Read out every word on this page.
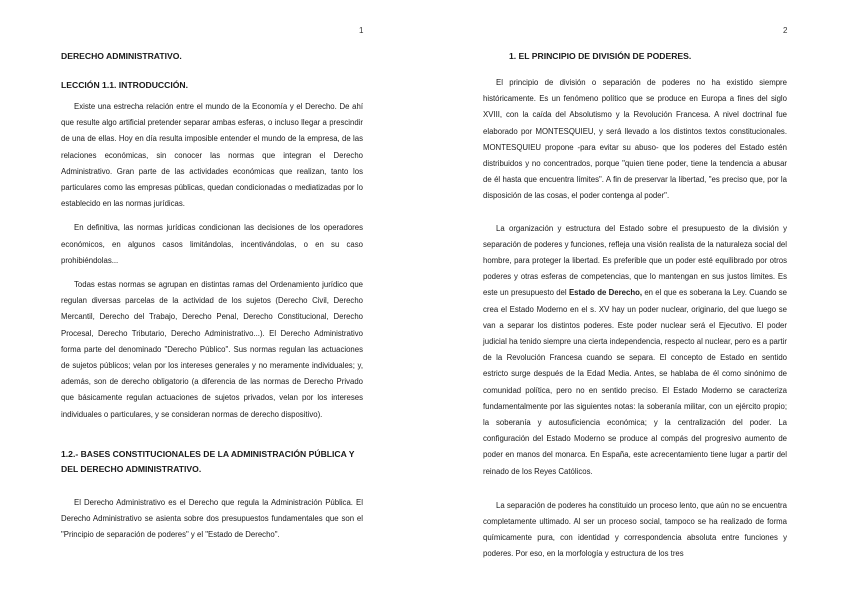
1

DERECHO ADMINISTRATIVO.

LECCIÓN 1.1. INTRODUCCIÓN.

Existe una estrecha relación entre el mundo de la Economía y el Derecho. De ahí que resulte algo artificial pretender separar ambas esferas, o incluso llegar a prescindir de una de ellas. Hoy en día resulta imposible entender el mundo de la empresa, de las relaciones económicas, sin conocer las normas que integran el Derecho Administrativo. Gran parte de las actividades económicas que realizan, tanto los particulares como las empresas públicas, quedan condicionadas o mediatizadas por lo establecido en las normas jurídicas.

En definitiva, las normas jurídicas condicionan las decisiones de los operadores económicos, en algunos casos limitándolas, incentivándolas, o en su caso prohibiéndolas...

Todas estas normas se agrupan en distintas ramas del Ordenamiento jurídico que regulan diversas parcelas de la actividad de los sujetos (Derecho Civil, Derecho Mercantil, Derecho del Trabajo, Derecho Penal, Derecho Constitucional, Derecho Procesal, Derecho Tributario, Derecho Administrativo...). El Derecho Administrativo forma parte del denominado "Derecho Público". Sus normas regulan las actuaciones de sujetos públicos; velan por los intereses generales y no meramente individuales; y, además, son de derecho obligatorio (a diferencia de las normas de Derecho Privado que básicamente regulan actuaciones de sujetos privados, velan por los intereses individuales o particulares, y se consideran normas de derecho dispositivo).

1.2.- BASES CONSTITUCIONALES DE LA ADMINISTRACIÓN PÚBLICA Y DEL DERECHO ADMINISTRATIVO.

El Derecho Administrativo es el Derecho que regula la Administración Pública. El Derecho Administrativo se asienta sobre dos presupuestos fundamentales que son el "Principio de separación de poderes" y el "Estado de Derecho".

2

1. EL PRINCIPIO DE DIVISIÓN DE PODERES.

El principio de división o separación de poderes no ha existido siempre históricamente. Es un fenómeno político que se produce en Europa a fines del siglo XVIII, con la caída del Absolutismo y la Revolución Francesa. A nivel doctrinal fue elaborado por MONTESQUIEU, y será llevado a los distintos textos constitucionales. MONTESQUIEU propone -para evitar su abuso- que los poderes del Estado estén distribuidos y no concentrados, porque "quien tiene poder, tiene la tendencia a abusar de él hasta que encuentra límites". A fin de preservar la libertad, "es preciso que, por la disposición de las cosas, el poder contenga al poder".

La organización y estructura del Estado sobre el presupuesto de la división y separación de poderes y funciones, refleja una visión realista de la naturaleza social del hombre, para proteger la libertad. Es preferible que un poder esté equilibrado por otros poderes y otras esferas de competencias, que lo mantengan en sus justos límites. Es este un presupuesto del Estado de Derecho, en el que es soberana la Ley. Cuando se crea el Estado Moderno en el s. XV hay un poder nuclear, originario, del que luego se van a separar los distintos poderes. Este poder nuclear será el Ejecutivo. El poder judicial ha tenido siempre una cierta independencia, respecto al nuclear, pero es a partir de la Revolución Francesa cuando se separa. El concepto de Estado en sentido estricto surge después de la Edad Media. Antes, se hablaba de él como sinónimo de comunidad política, pero no en sentido preciso. El Estado Moderno se caracteriza fundamentalmente por las siguientes notas: la soberanía militar, con un ejército propio; la soberanía y autosuficiencia económica; y la centralización del poder. La configuración del Estado Moderno se produce al compás del progresivo aumento de poder en manos del monarca. En España, este acrecentamiento tiene lugar a partir del reinado de los Reyes Católicos.

La separación de poderes ha constituido un proceso lento, que aún no se encuentra completamente ultimado. Al ser un proceso social, tampoco se ha realizado de forma químicamente pura, con identidad y correspondencia absoluta entre funciones y poderes. Por eso, en la morfología y estructura de los tres
